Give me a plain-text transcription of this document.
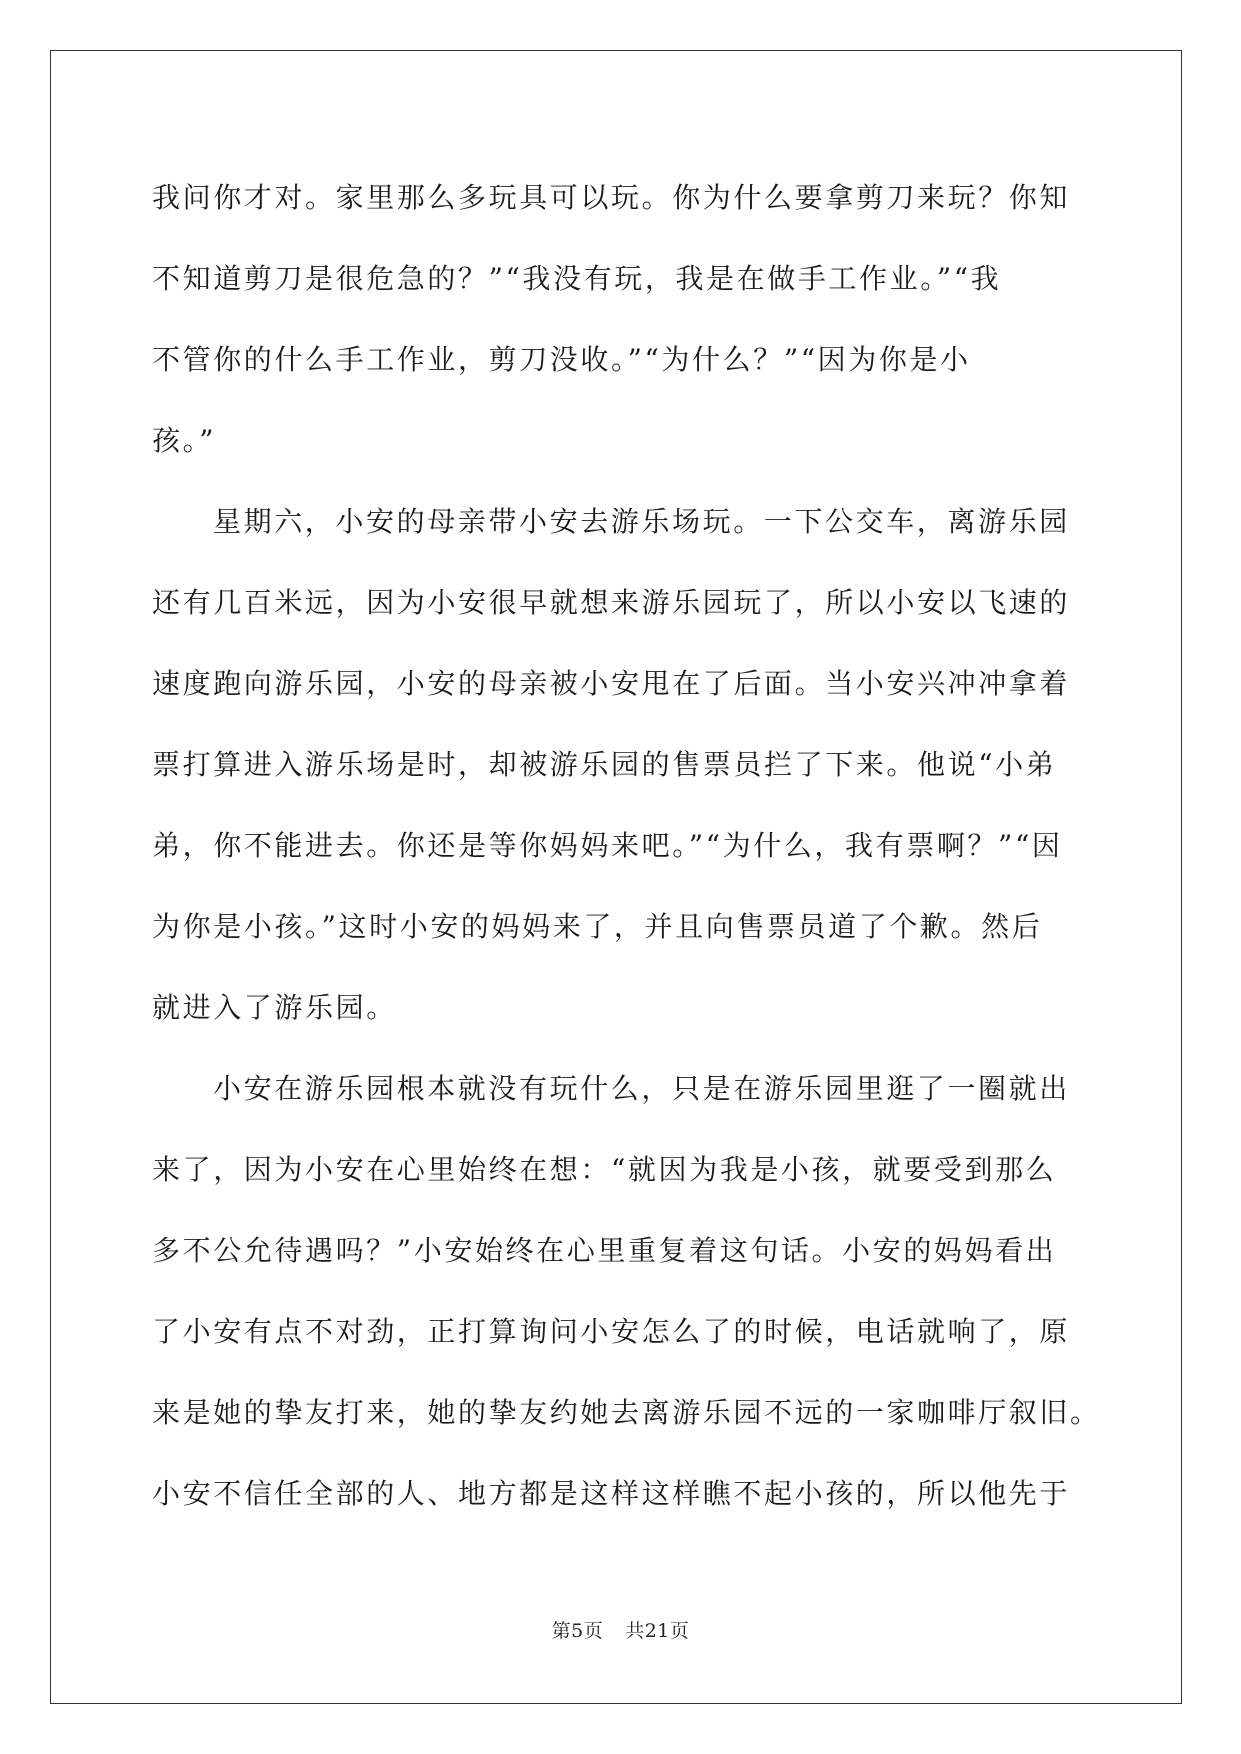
我问你才对。家里那么多玩具可以玩。你为什么要拿剪刀来玩？你知
不知道剪刀是很危急的？”“我没有玩，我是在做手工作业。”“我
不管你的什么手工作业，剪刀没收。”“为什么？”“因为你是小
孩。”
星期六，小安的母亲带小安去游乐场玩。一下公交车，离游乐园
还有几百米远，因为小安很早就想来游乐园玩了，所以小安以飞速的
速度跑向游乐园，小安的母亲被小安甩在了后面。当小安兴冲冲拿着
票打算进入游乐场是时，却被游乐园的售票员拦了下来。他说“小弟
弟，你不能进去。你还是等你妈妈来吧。”“为什么，我有票啊？”“因
为你是小孩。”这时小安的妈妈来了，并且向售票员道了个歉。然后
就进入了游乐园。
小安在游乐园根本就没有玩什么，只是在游乐园里逛了一圈就出
来了，因为小安在心里始终在想：“就因为我是小孩，就要受到那么
多不公允待遇吗？”小安始终在心里重复着这句话。小安的妈妈看出
了小安有点不对劲，正打算询问小安怎么了的时候，电话就响了，原
来是她的挚友打来，她的挚友约她去离游乐园不远的一家咖啡厅叙旧。
小安不信任全部的人、地方都是这样这样瞧不起小孩的，所以他先于
第5页 共21页
